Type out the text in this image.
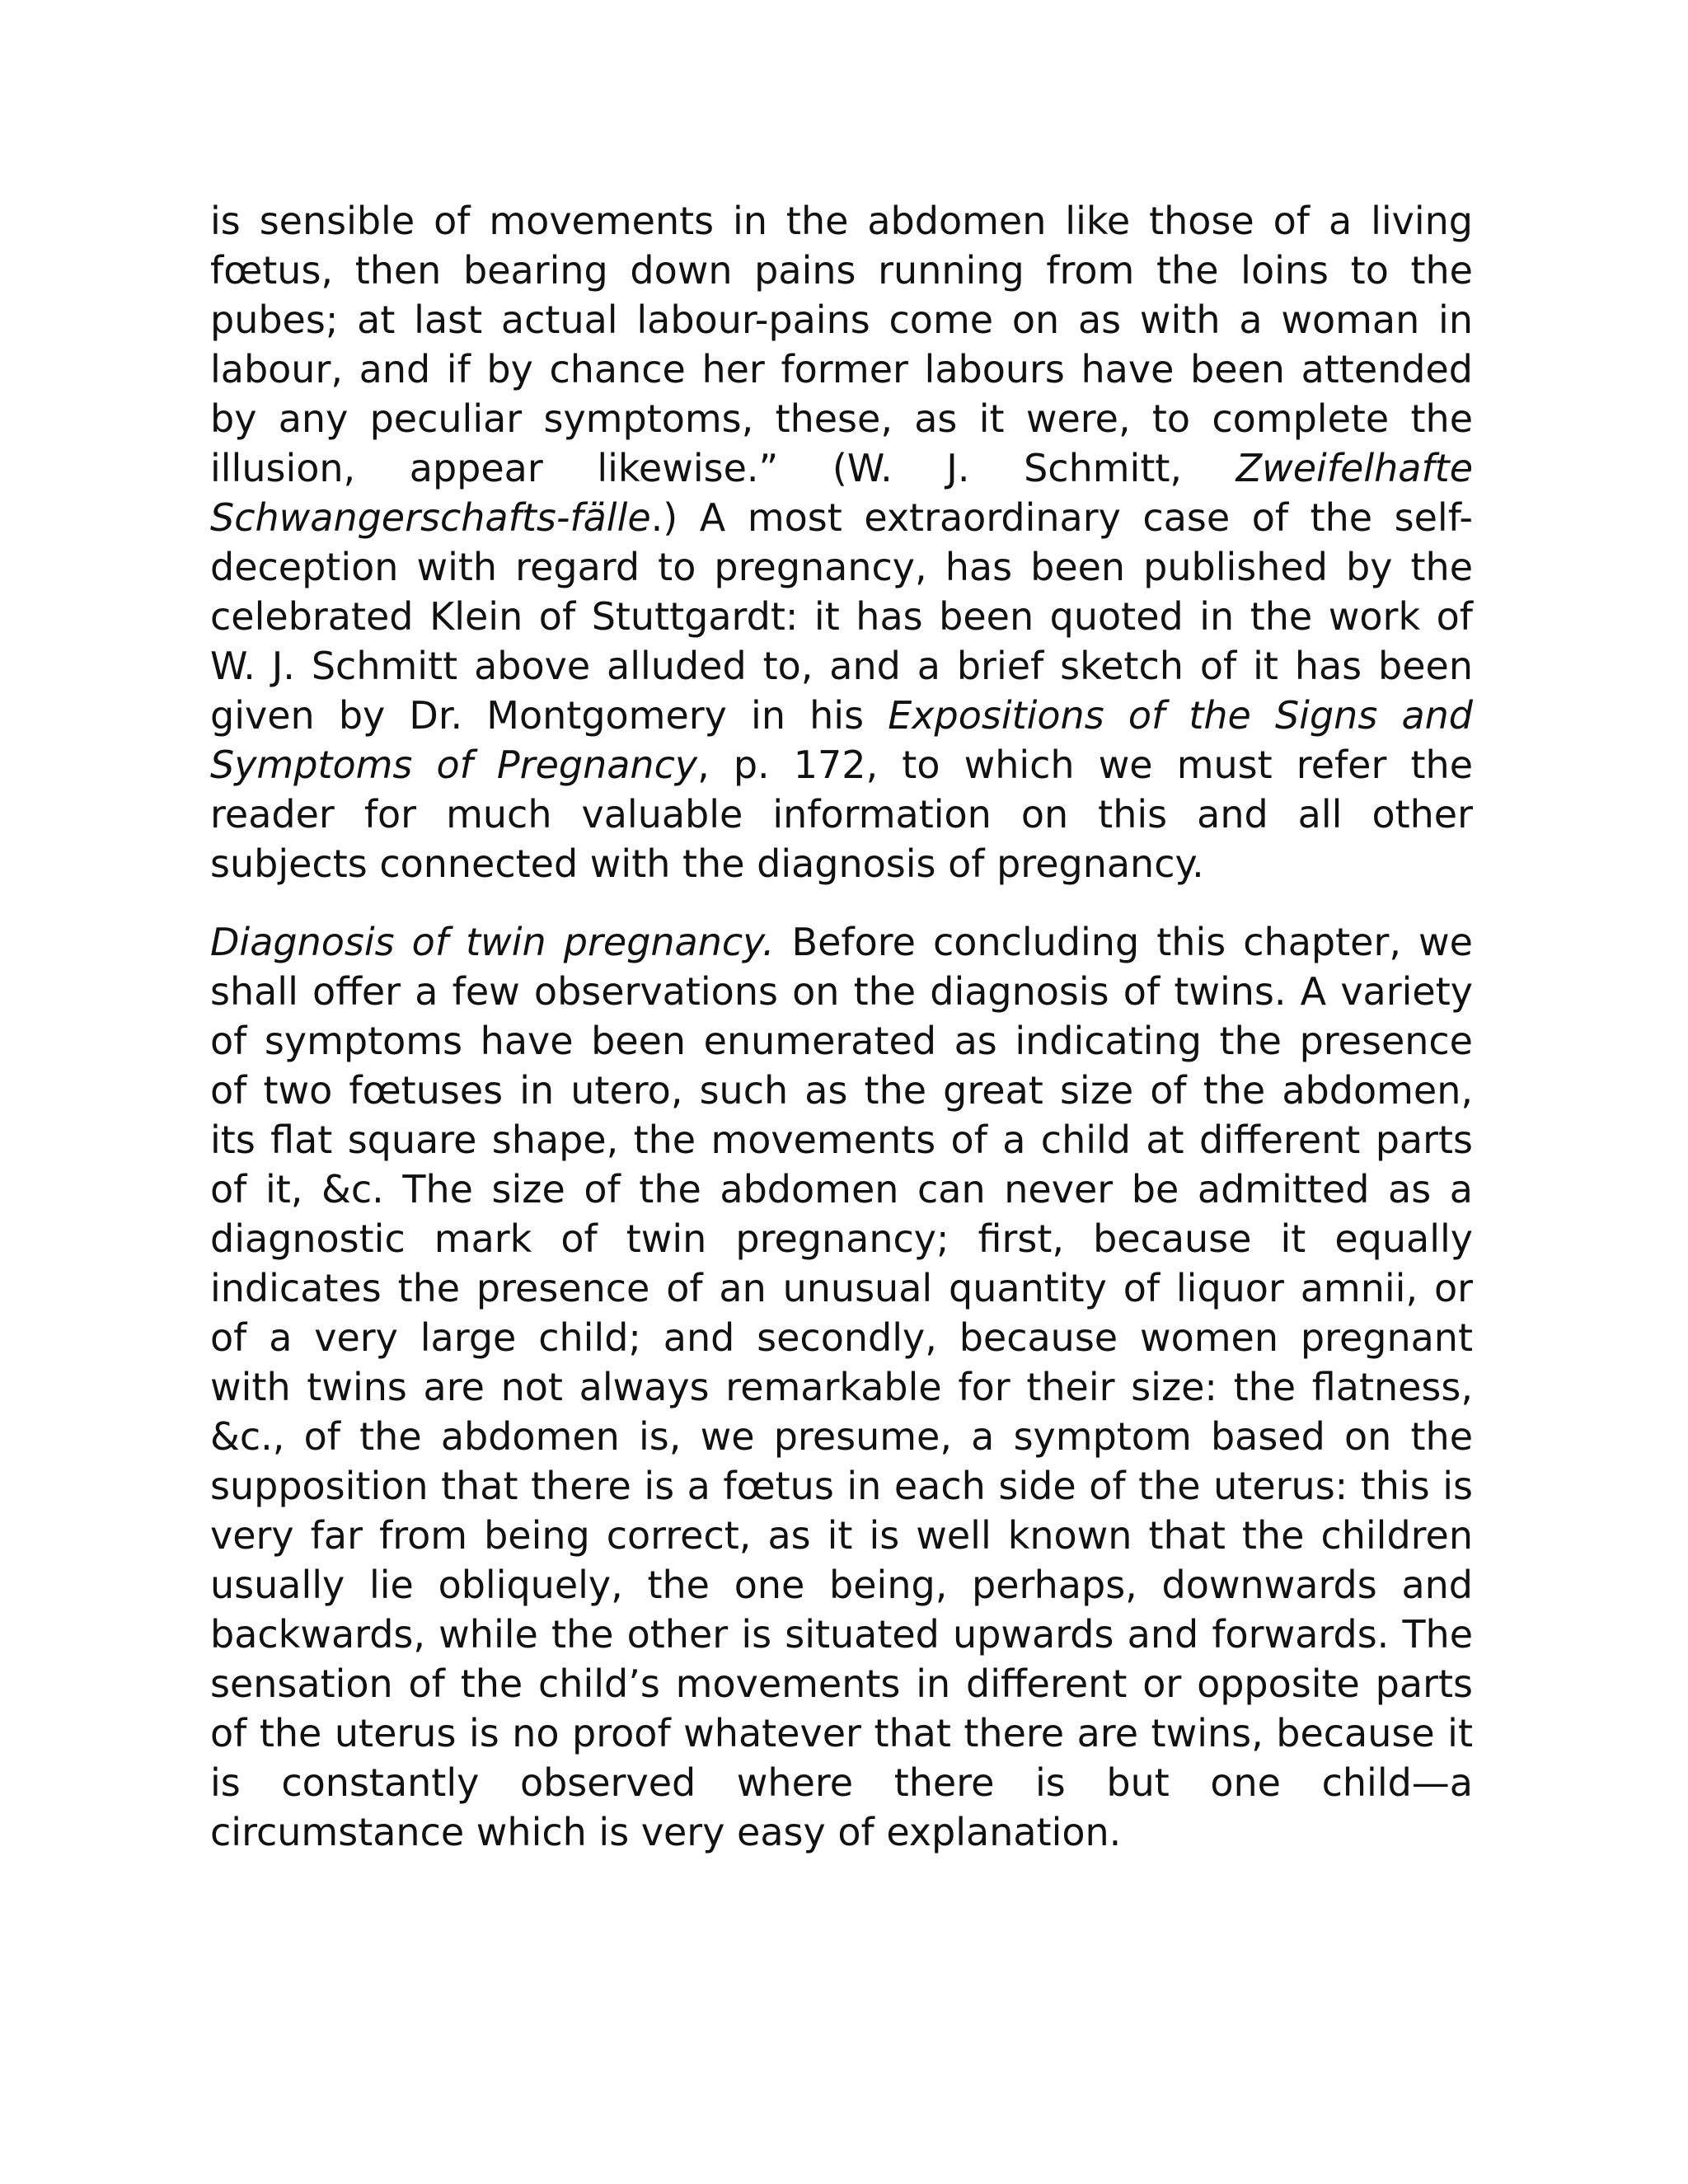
is sensible of movements in the abdomen like those of a living fœtus, then bearing down pains running from the loins to the pubes; at last actual labour-pains come on as with a woman in labour, and if by chance her former labours have been attended by any peculiar symptoms, these, as it were, to complete the illusion, appear likewise.” (W. J. Schmitt, Zweifelhafte Schwangerschafts-fälle.) A most extraordinary case of the self-deception with regard to pregnancy, has been published by the celebrated Klein of Stuttgardt: it has been quoted in the work of W. J. Schmitt above alluded to, and a brief sketch of it has been given by Dr. Montgomery in his Expositions of the Signs and Symptoms of Pregnancy, p. 172, to which we must refer the reader for much valuable information on this and all other subjects connected with the diagnosis of pregnancy.

Diagnosis of twin pregnancy. Before concluding this chapter, we shall offer a few observations on the diagnosis of twins. A variety of symptoms have been enumerated as indicating the presence of two fœtuses in utero, such as the great size of the abdomen, its flat square shape, the movements of a child at different parts of it, &c. The size of the abdomen can never be admitted as a diagnostic mark of twin pregnancy; first, because it equally indicates the presence of an unusual quantity of liquor amnii, or of a very large child; and secondly, because women pregnant with twins are not always remarkable for their size: the flatness, &c., of the abdomen is, we presume, a symptom based on the supposition that there is a fœtus in each side of the uterus: this is very far from being correct, as it is well known that the children usually lie obliquely, the one being, perhaps, downwards and backwards, while the other is situated upwards and forwards. The sensation of the child’s movements in different or opposite parts of the uterus is no proof whatever that there are twins, because it is constantly observed where there is but one child—a circumstance which is very easy of explanation.
